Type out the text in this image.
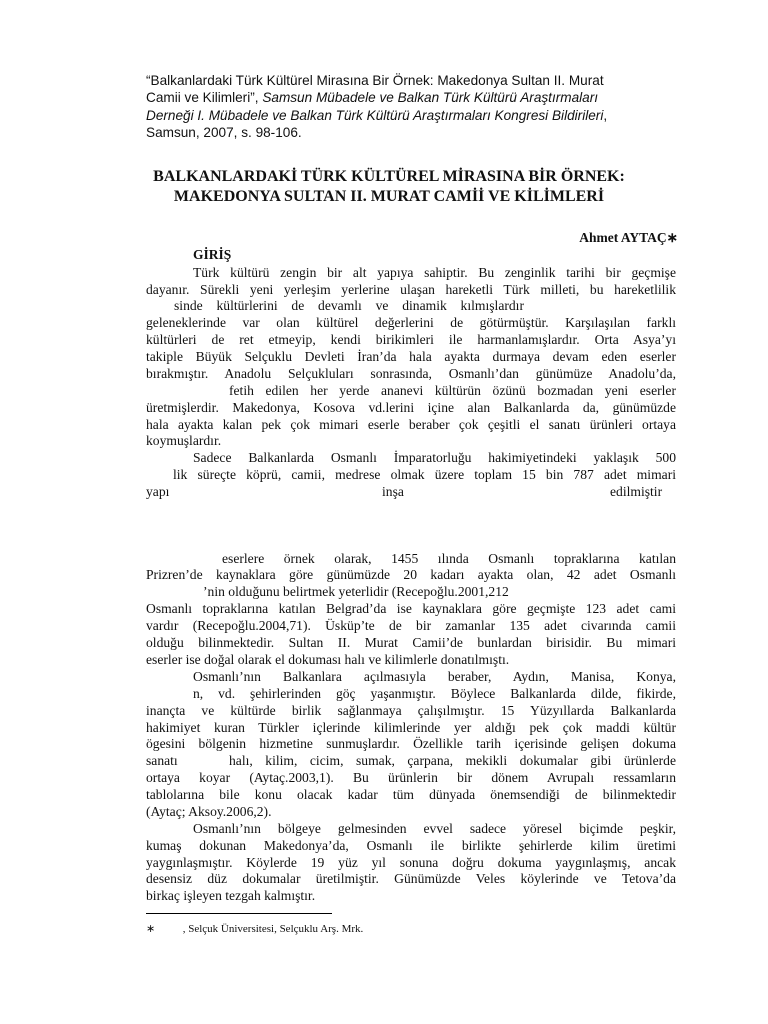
“Balkanlardaki Türk Kültürel Mirasına Bir Örnek: Makedonya Sultan II. Murat Camii ve Kilimleri”, Samsun Mübadele ve Balkan Türk Kültürü Araştırmaları Derneği I. Mübadele ve Balkan Türk Kültürü Araştırmaları Kongresi Bildirileri, Samsun, 2007, s. 98-106.
BALKANLARDAKİ TÜRK KÜLTÜREL MİRASINA BİR ÖRNEK: MAKEDONYA SULTAN II. MURAT CAMİİ VE KİLİMLERİ
Ahmet AYTAÇ∗
GİRİŞ
Türk kültürü zengin bir alt yapıya sahiptir. Bu zenginlik tarihi bir geçmişe
dayanır. Sürekli yeni yerleşim yerlerine ulaşan hareketli Türk milleti, bu hareketlilik
sinde kültürlerini de devamlı ve dinamik kılmışlardır
geleneklerinde var olan kültürel değerlerini de götürmüştür. Karşılaşılan farklı
kültürleri de ret etmeyip, kendi birikimleri ile harmanlamışlardır. Orta Asya’yı
takiple Büyük Selçuklu Devleti İran’da hala ayakta durmaya devam eden eserler
bırakmıştır. Anadolu Selçukluları sonrasında, Osmanlı’dan günümüze Anadolu’da,
fetih edilen her yerde ananevi kültürün özünü bozmadan yeni eserler
üretmişlerdir. Makedonya, Kosova vd.lerini içine alan Balkanlarda da, günümüzde
hala ayakta kalan pek çok mimari eserle beraber çok çeşitli el sanatı ürünleri ortaya
koymuşlardır.
Sadece Balkanlarda Osmanlı İmparatorluğu hakimiyetindeki yaklaşık 500
lik süreçte köprü, camii, medrese olmak üzere toplam 15 bin 787 adet mimari
yapı	inşa	edilmiştir
eserlere örnek olarak, 1455 ılında Osmanlı topraklarına katılan
Prizren’de kaynaklara göre günümüzde 20 kadarı ayakta olan, 42 adet Osmanlı
’nin olduğunu belirtmek yeterlidir (Recepoğlu.2001,212
Osmanlı topraklarına katılan Belgrad’da ise kaynaklara göre geçmişte 123 adet cami
vardır (Recepoğlu.2004,71). Üsküp’te de bir zamanlar 135 adet civarında camii
olduğu bilinmektedir. Sultan II. Murat Camii’de bunlardan birisidir. Bu mimari
eserler ise doğal olarak el dokuması halı ve kilimlerle donatılmıştı.
Osmanlı’nın Balkanlara açılmasıyla beraber, Aydın, Manisa, Konya,
n, vd. şehirlerinden göç yaşanmıştır. Böylece Balkanlarda dilde, fikirde,
inançta ve kültürde birlik sağlanmaya çalışılmıştır. 15 Yüzyıllarda Balkanlarda
hakimiyet kuran Türkler içlerinde kilimlerinde yer aldığı pek çok maddi kültür
ögesini bölgenin hizmetine sunmuşlardır. Özellikle tarih içerisinde gelişen dokuma
sanatı	halı, kilim, cicim, sumak, çarpana, mekikli dokumalar gibi ürünlerde
ortaya koyar (Aytaç.2003,1). Bu ürünlerin bir dönem Avrupalı ressamların
tablolarına bile konu olacak kadar tüm dünyada önemsendiği de bilinmektedir
(Aytaç; Aksoy.2006,2).
Osmanlı’nın bölgeye gelmesinden evvel sadece yöresel biçimde peşkir,
kumaş dokunan Makedonya’da, Osmanlı ile birlikte şehirlerde kilim üretimi
yaygınlaşmıştır. Köylerde 19 yüz yıl sonuna doğru dokuma yaygınlaşmış, ancak
desensiz düz dokumalar üretilmiştir. Günümüzde Veles köylerinde ve Tetova’da
birkaç işleyen tezgah kalmıştır.
∗          , Selçuk Üniversitesi, Selçuklu Arş. Mrk.
